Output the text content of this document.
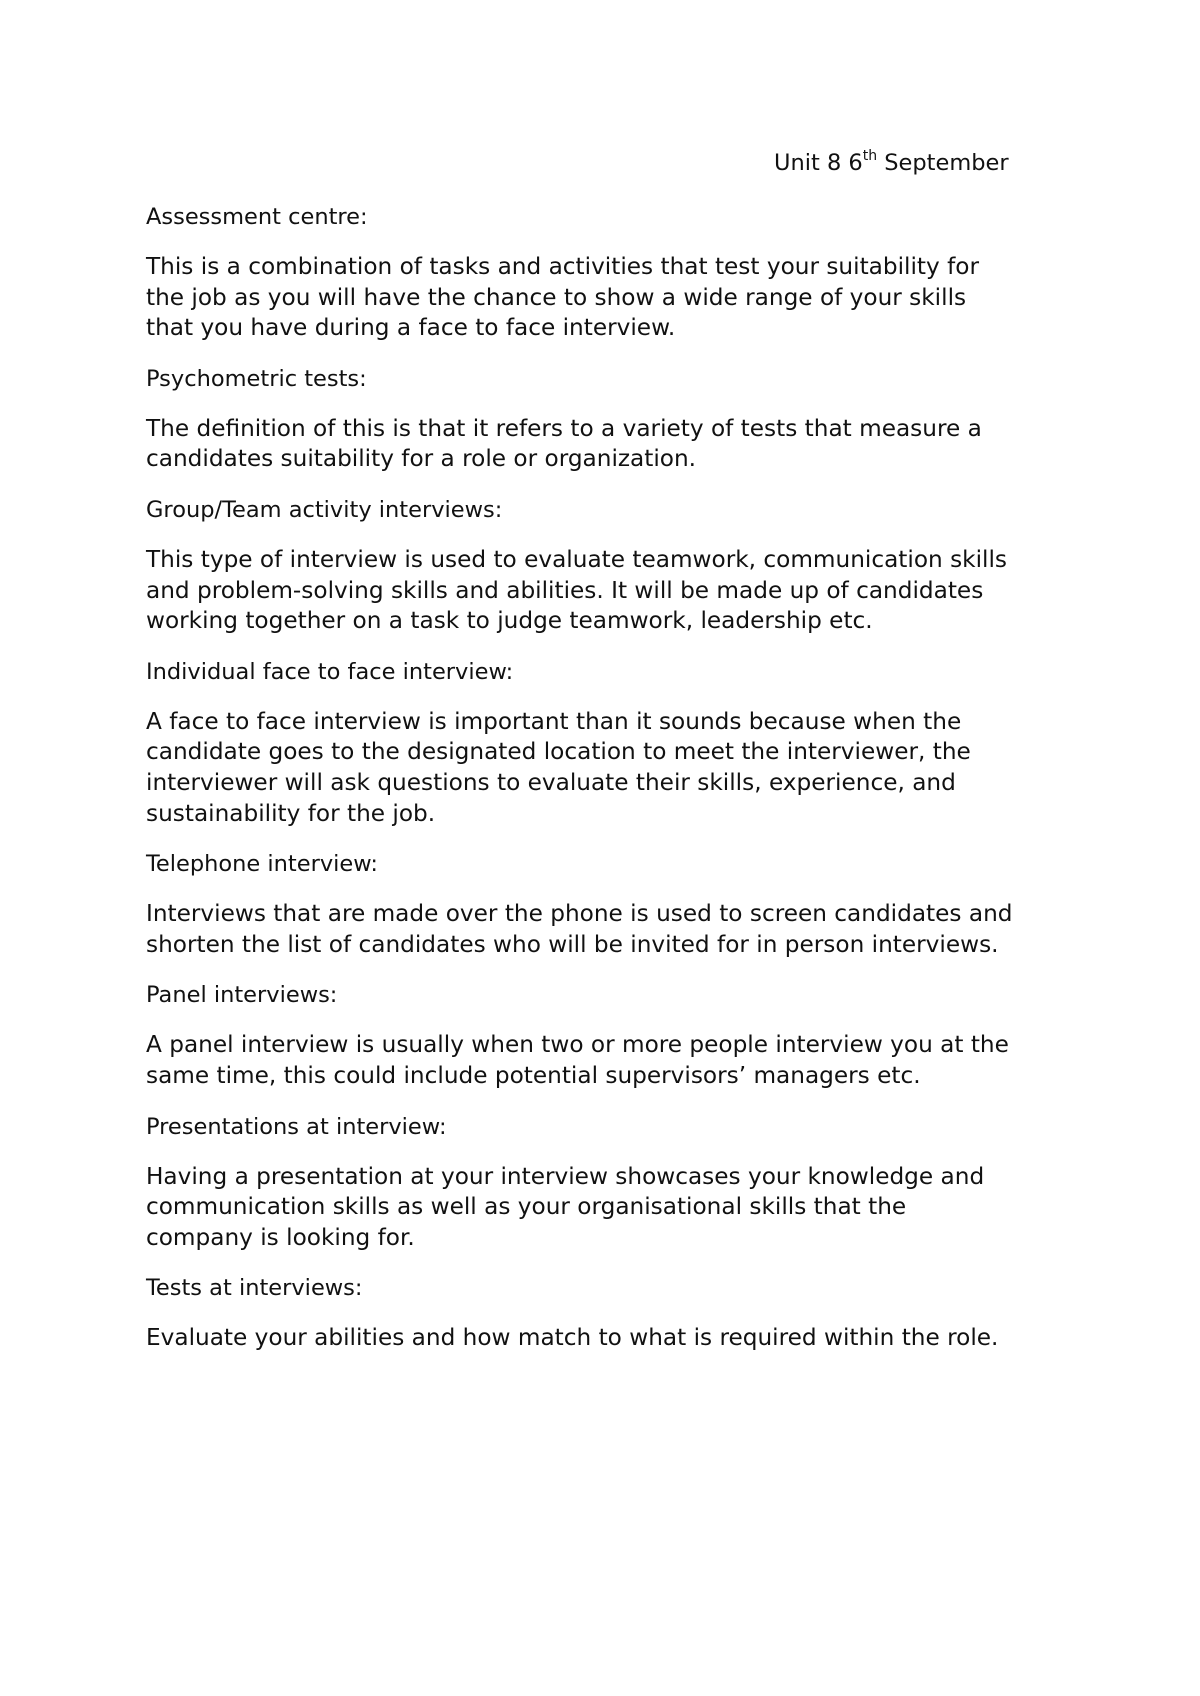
Unit 8 6th September
Assessment centre:
This is a combination of tasks and activities that test your suitability for
the job as you will have the chance to show a wide range of your skills
that you have during a face to face interview.
Psychometric tests:
The definition of this is that it refers to a variety of tests that measure a
candidates suitability for a role or organization.
Group/Team activity interviews:
This type of interview is used to evaluate teamwork, communication skills
and problem-solving skills and abilities. It will be made up of candidates
working together on a task to judge teamwork, leadership etc.
Individual face to face interview:
A face to face interview is important than it sounds because when the
candidate goes to the designated location to meet the interviewer, the
interviewer will ask questions to evaluate their skills, experience, and
sustainability for the job.
Telephone interview:
Interviews that are made over the phone is used to screen candidates and
shorten the list of candidates who will be invited for in person interviews.
Panel interviews:
A panel interview is usually when two or more people interview you at the
same time, this could include potential supervisors’ managers etc.
Presentations at interview:
Having a presentation at your interview showcases your knowledge and
communication skills as well as your organisational skills that the
company is looking for.
Tests at interviews:
Evaluate your abilities and how match to what is required within the role.
